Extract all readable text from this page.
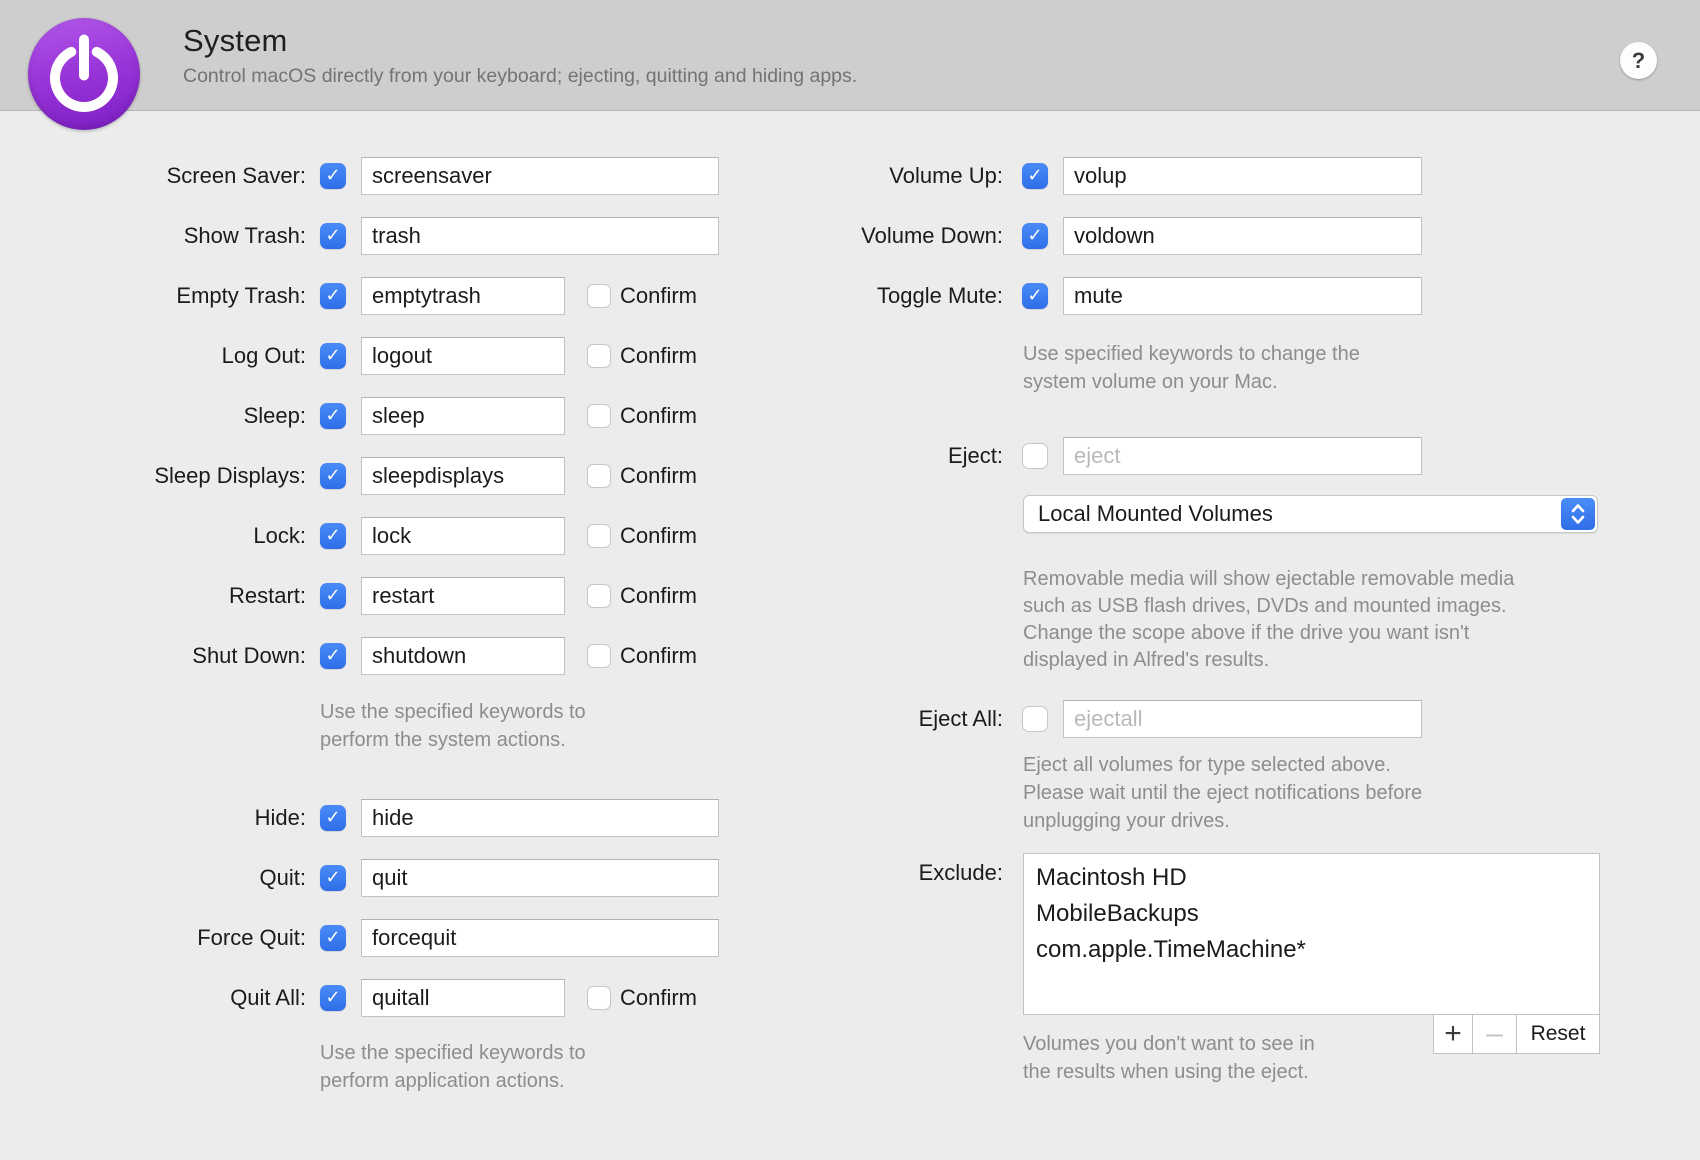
System
Control macOS directly from your keyboard; ejecting, quitting and hiding apps.
?
Screen Saver: ✓
screensaver
Show Trash: ✓
trash
Empty Trash: ✓
emptytrash	Confirm
Log Out: ✓
logout	Confirm
Sleep: ✓
sleep	Confirm
Sleep Displays: ✓
sleepdisplays	Confirm
Lock: ✓
lock	Confirm
Restart: ✓
restart	Confirm
Shut Down: ✓
shutdown	Confirm
Use the specified keywords to
perform the system actions.
Hide: ✓
hide
Quit: ✓
quit
Force Quit: ✓
forcequit
Quit All: ✓
quitall	Confirm
Use the specified keywords to
perform application actions.
Volume Up: ✓
volup
Volume Down: ✓
voldown
Toggle Mute: ✓
mute
Use specified keywords to change the
system volume on your Mac.
Eject:
eject
Local Mounted Volumes
Removable media will show ejectable removable media
such as USB flash drives, DVDs and mounted images.
Change the scope above if the drive you want isn't
displayed in Alfred's results.
Eject All:
ejectall
Eject all volumes for type selected above.
Please wait until the eject notifications before
unplugging your drives.
Exclude:
Macintosh HD MobileBackups com.apple.TimeMachine*
+ –	Reset
Volumes you don't want to see in
the results when using the eject.
